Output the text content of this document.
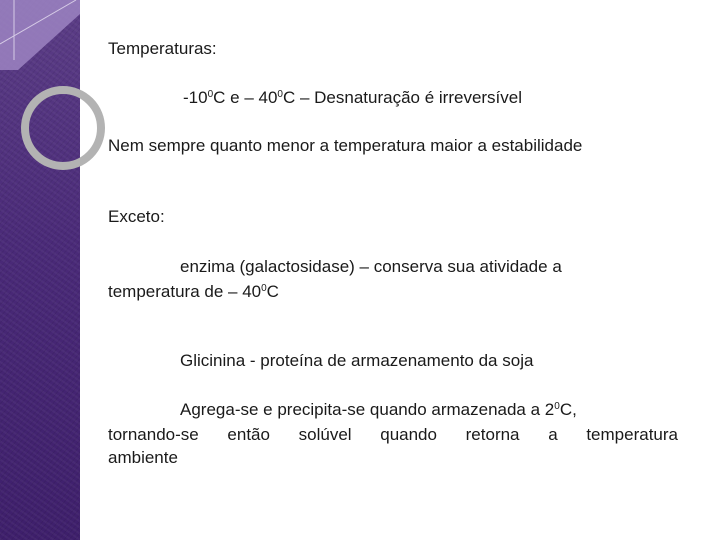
Temperaturas:
$-10^0C$ e – $40^0C$ – Desnaturação é irreversível
Nem sempre quanto menor a temperatura maior a estabilidade
Exceto:
enzima (galactosidase) – conserva sua atividade a
temperatura de – $40^0C$
Glicinina - proteína de armazenamento da soja
Agrega-se e precipita-se quando armazenada a $2^0C$,
tornando-se então solúvel quando retorna a temperatura
ambiente
